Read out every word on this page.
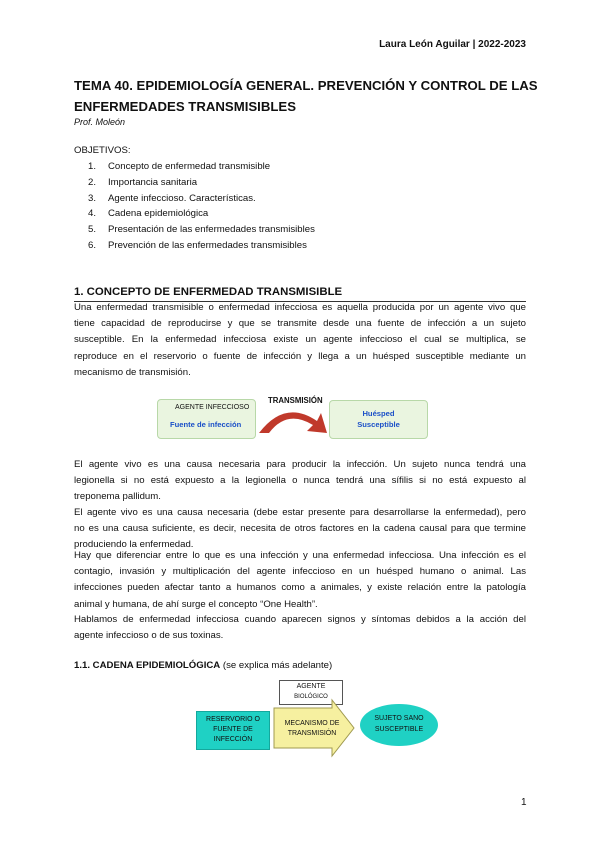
Laura León Aguilar | 2022-2023
TEMA 40. EPIDEMIOLOGÍA GENERAL. PREVENCIÓN Y CONTROL DE LAS
ENFERMEDADES TRANSMISIBLES
Prof. Moleón
OBJETIVOS:
1. Concepto de enfermedad transmisible
2. Importancia sanitaria
3. Agente infeccioso. Características.
4. Cadena epidemiológica
5. Presentación de las enfermedades transmisibles
6. Prevención de las enfermedades transmisibles
1. CONCEPTO DE ENFERMEDAD TRANSMISIBLE
Una enfermedad transmisible o enfermedad infecciosa es aquella producida por un agente vivo que
tiene capacidad de reproducirse y que se transmite desde una fuente de infección a un sujeto
susceptible. En la enfermedad infecciosa existe un agente infeccioso el cual se multiplica, se
reproduce en el reservorio o fuente de infección y llega a un huésped susceptible mediante un
mecanismo de transmisión.
AGENTE INFECCIOSO
Fuente de infección
TRANSMISIÓN
Huésped
Susceptible
El agente vivo es una causa necesaria para producir la infección. Un sujeto nunca tendrá una
legionella si no está expuesto a la legionella o nunca tendrá una sífilis si no está expuesto al
treponema pallidum.
El agente vivo es una causa necesaria (debe estar presente para desarrollarse la enfermedad), pero
no es una causa suficiente, es decir, necesita de otros factores en la cadena causal para que termine
produciendo la enfermedad.
Hay que diferenciar entre lo que es una infección y una enfermedad infecciosa. Una infección es el
contagio, invasión y multiplicación del agente infeccioso en un huésped humano o animal. Las
infecciones pueden afectar tanto a humanos como a animales, y existe relación entre la patología
animal y humana, de ahí surge el concepto “One Health”.
Hablamos de enfermedad infecciosa cuando aparecen signos y síntomas debidos a la acción del
agente infeccioso o de sus toxinas.
1.1. CADENA EPIDEMIOLÓGICA (se explica más adelante)
AGENTE
BIOLÓGICO
RESERVORIO O
FUENTE DE
INFECCIÓN
MECANISMO DE
TRANSMISIÓN
SUJETO SANO
SUSCEPTIBLE
1
